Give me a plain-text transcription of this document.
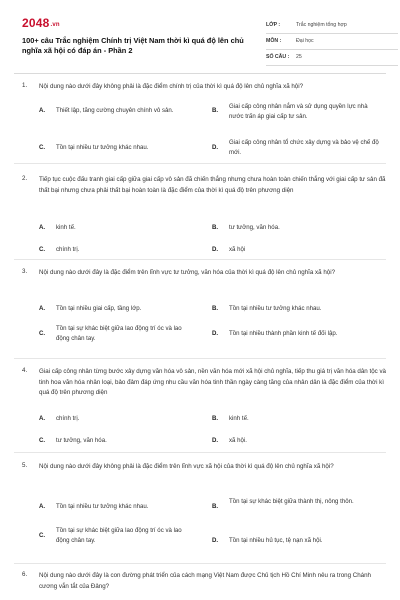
2048.vn
100+ câu Trắc nghiệm Chính trị Việt Nam thời kì quá độ lên chủ nghĩa xã hội có đáp án - Phần 2
LỚP :	Trắc nghiệm tổng hợp
MÔN :	Đại học
SỐ CÂU : 25
1. Nội dung nào dưới đây không phải là đặc điểm chính trị của thời kì quá độ lên chủ nghĩa xã hội?
A. Thiết lập, tăng cường chuyên chính vô sản.	B.
Giai cấp công nhân nắm và sử dụng quyền lực nhà nước trấn áp giai cấp tư sản.
C. Tồn tại nhiều tư tưởng khác nhau.	D.
Giai cấp công nhân tổ chức xây dựng và bảo vệ chế độ mới.
2. Tiếp tục cuộc đấu tranh giai cấp giữa giai cấp vô sản đã chiến thắng nhưng chưa hoàn toàn chiến thắng với giai cấp tư sản đã thất bại nhưng chưa phải thất bại hoàn toàn là đặc điểm của thời kì quá độ trên phương diện
A. kinh tế.	B. tư tưởng, văn hóa.
C. chính trị.	D. xã hội
3. Nội dung nào dưới đây là đặc điểm trên lĩnh vực tư tưởng, văn hóa của thời kì quá độ lên chủ nghĩa xã hội?
A. Tồn tại nhiều giai cấp, tầng lớp.	B. Tồn tại nhiều tư tưởng khác nhau.
C.
Tồn tại sự khác biệt giữa lao động trí óc và lao động chân tay.
D. Tồn tại nhiều thành phần kinh tế đối lập.
4. Giai cấp công nhân từng bước xây dựng văn hóa vô sản, nền văn hóa mới xã hội chủ nghĩa, tiếp thu giá trị văn hóa dân tộc và tinh hoa văn hóa nhân loại, bảo đảm đáp ứng nhu cầu văn hóa tinh thần ngày càng tăng của nhân dân là đặc điểm của thời kì quá độ trên phương diện
A. chính trị.	B. kinh tế.
C. tư tưởng, văn hóa.	D. xã hội.
5. Nội dung nào dưới đây không phải là đặc điểm trên lĩnh vực xã hội của thời kì quá độ lên chủ nghĩa xã hội?
A. Tồn tại nhiều tư tưởng khác nhau.	B.
Tồn tại sự khác biệt giữa thành thị, nông thôn.
C.
Tồn tại sự khác biệt giữa lao động trí óc và lao động chân tay.	D. Tồn tại nhiều hủ tục, tệ nạn xã hội.
6. Nội dung nào dưới đây là con đường phát triển của cách mạng Việt Nam được Chủ tịch Hồ Chí Minh nêu ra trong Chánh cương vắn tắt của Đảng?
